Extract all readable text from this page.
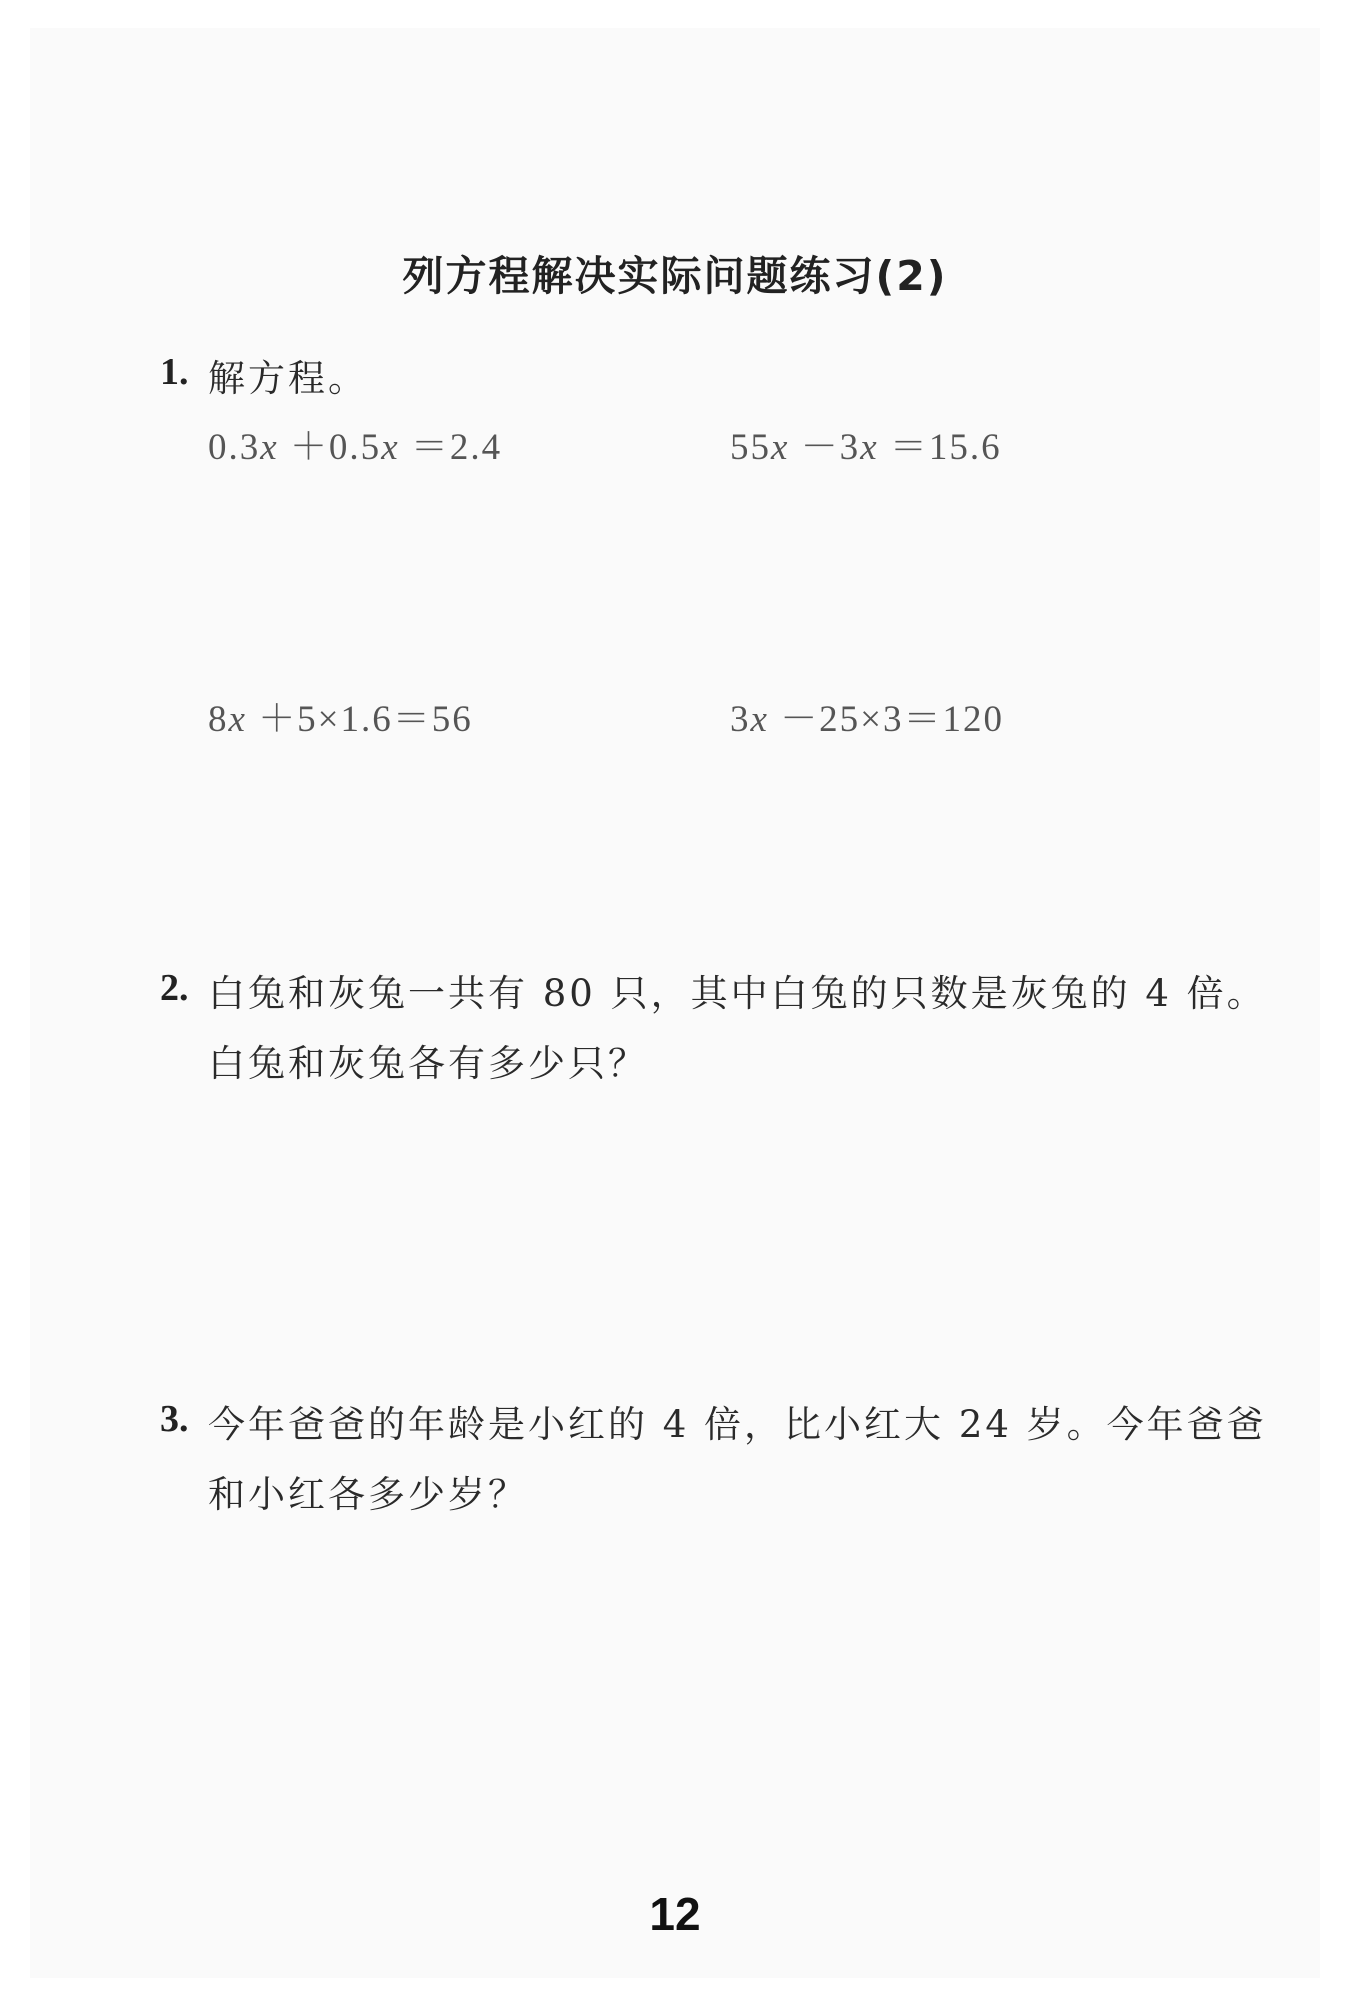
列方程解决实际问题练习(2)
1. 解方程。
0.3x ＋0.5x ＝2.4	55x －3x ＝15.6
8x ＋5×1.6＝56	3x －25×3＝120
2. 白兔和灰兔一共有 80 只，其中白兔的只数是灰兔的 4 倍。
白兔和灰兔各有多少只？
3. 今年爸爸的年龄是小红的 4 倍，比小红大 24 岁。今年爸爸
和小红各多少岁？
12
